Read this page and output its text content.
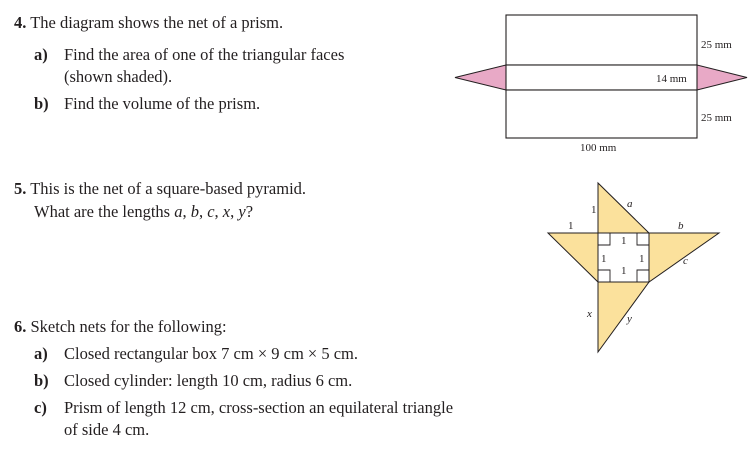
4. The diagram shows the net of a prism.
a) Find the area of one of the triangular faces
(shown shaded).
b) Find the volume of the prism.
5. This is the net of a square-based pyramid.
What are the lengths a, b, c, x, y?
6. Sketch nets for the following:
a) Closed rectangular box 7 cm × 9 cm × 5 cm.
b) Closed cylinder: length 10 cm, radius 6 cm.
c) Prism of length 12 cm, cross-section an equilateral triangle
of side 4 cm.
25 mm
14 mm
25 mm
100 mm
1
1
1
1	1
1
a
b
c
x	y
